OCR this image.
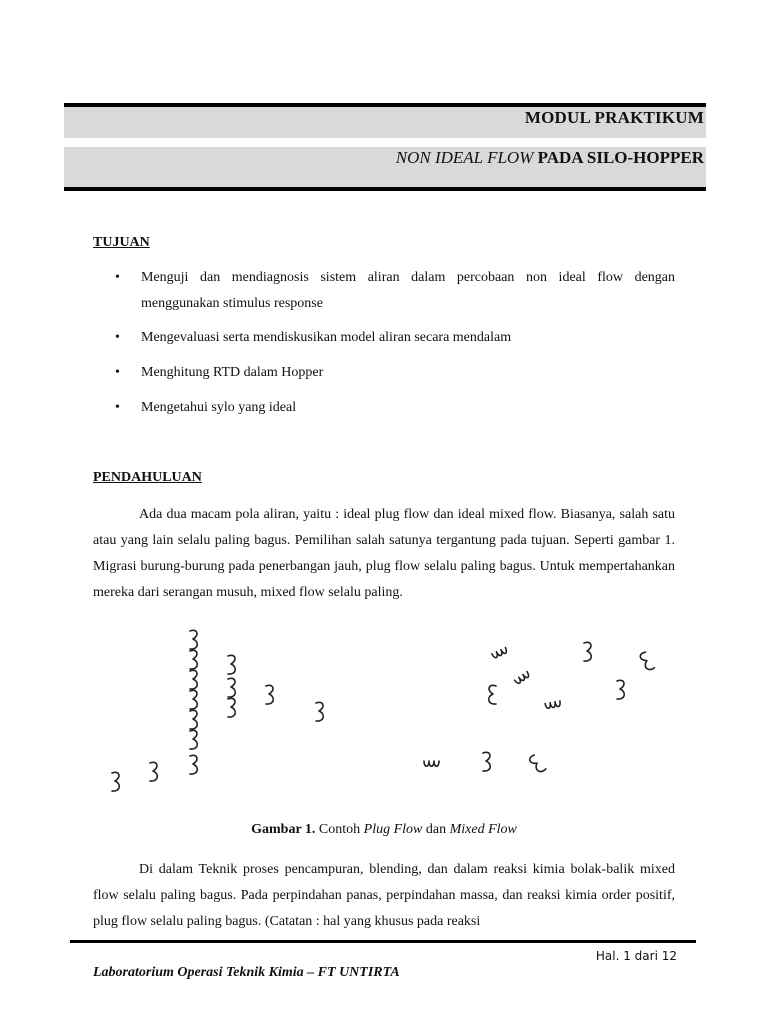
MODUL PRAKTIKUM
NON IDEAL FLOW PADA SILO-HOPPER
TUJUAN
• Menguji dan mendiagnosis sistem aliran dalam percobaan non ideal flow dengan menggunakan stimulus response
• Mengevaluasi serta mendiskusikan model aliran secara mendalam
• Menghitung RTD dalam Hopper
• Mengetahui sylo yang ideal
PENDAHULUAN
Ada dua macam pola aliran, yaitu : ideal plug flow dan ideal mixed flow. Biasanya, salah satu atau yang lain selalu paling bagus. Pemilihan salah satunya tergantung pada tujuan. Seperti gambar 1. Migrasi burung-burung pada penerbangan jauh, plug flow selalu paling bagus. Untuk mempertahankan mereka dari serangan musuh, mixed flow selalu paling.
Gambar 1. Contoh Plug Flow dan Mixed Flow
Di dalam Teknik proses pencampuran, blending, dan dalam reaksi kimia bolak-balik mixed flow selalu paling bagus. Pada perpindahan panas, perpindahan massa, dan reaksi kimia order positif, plug flow selalu paling bagus. (Catatan : hal yang khusus pada reaksi
Hal. 1 dari 12
Laboratorium Operasi Teknik Kimia – FT UNTIRTA
